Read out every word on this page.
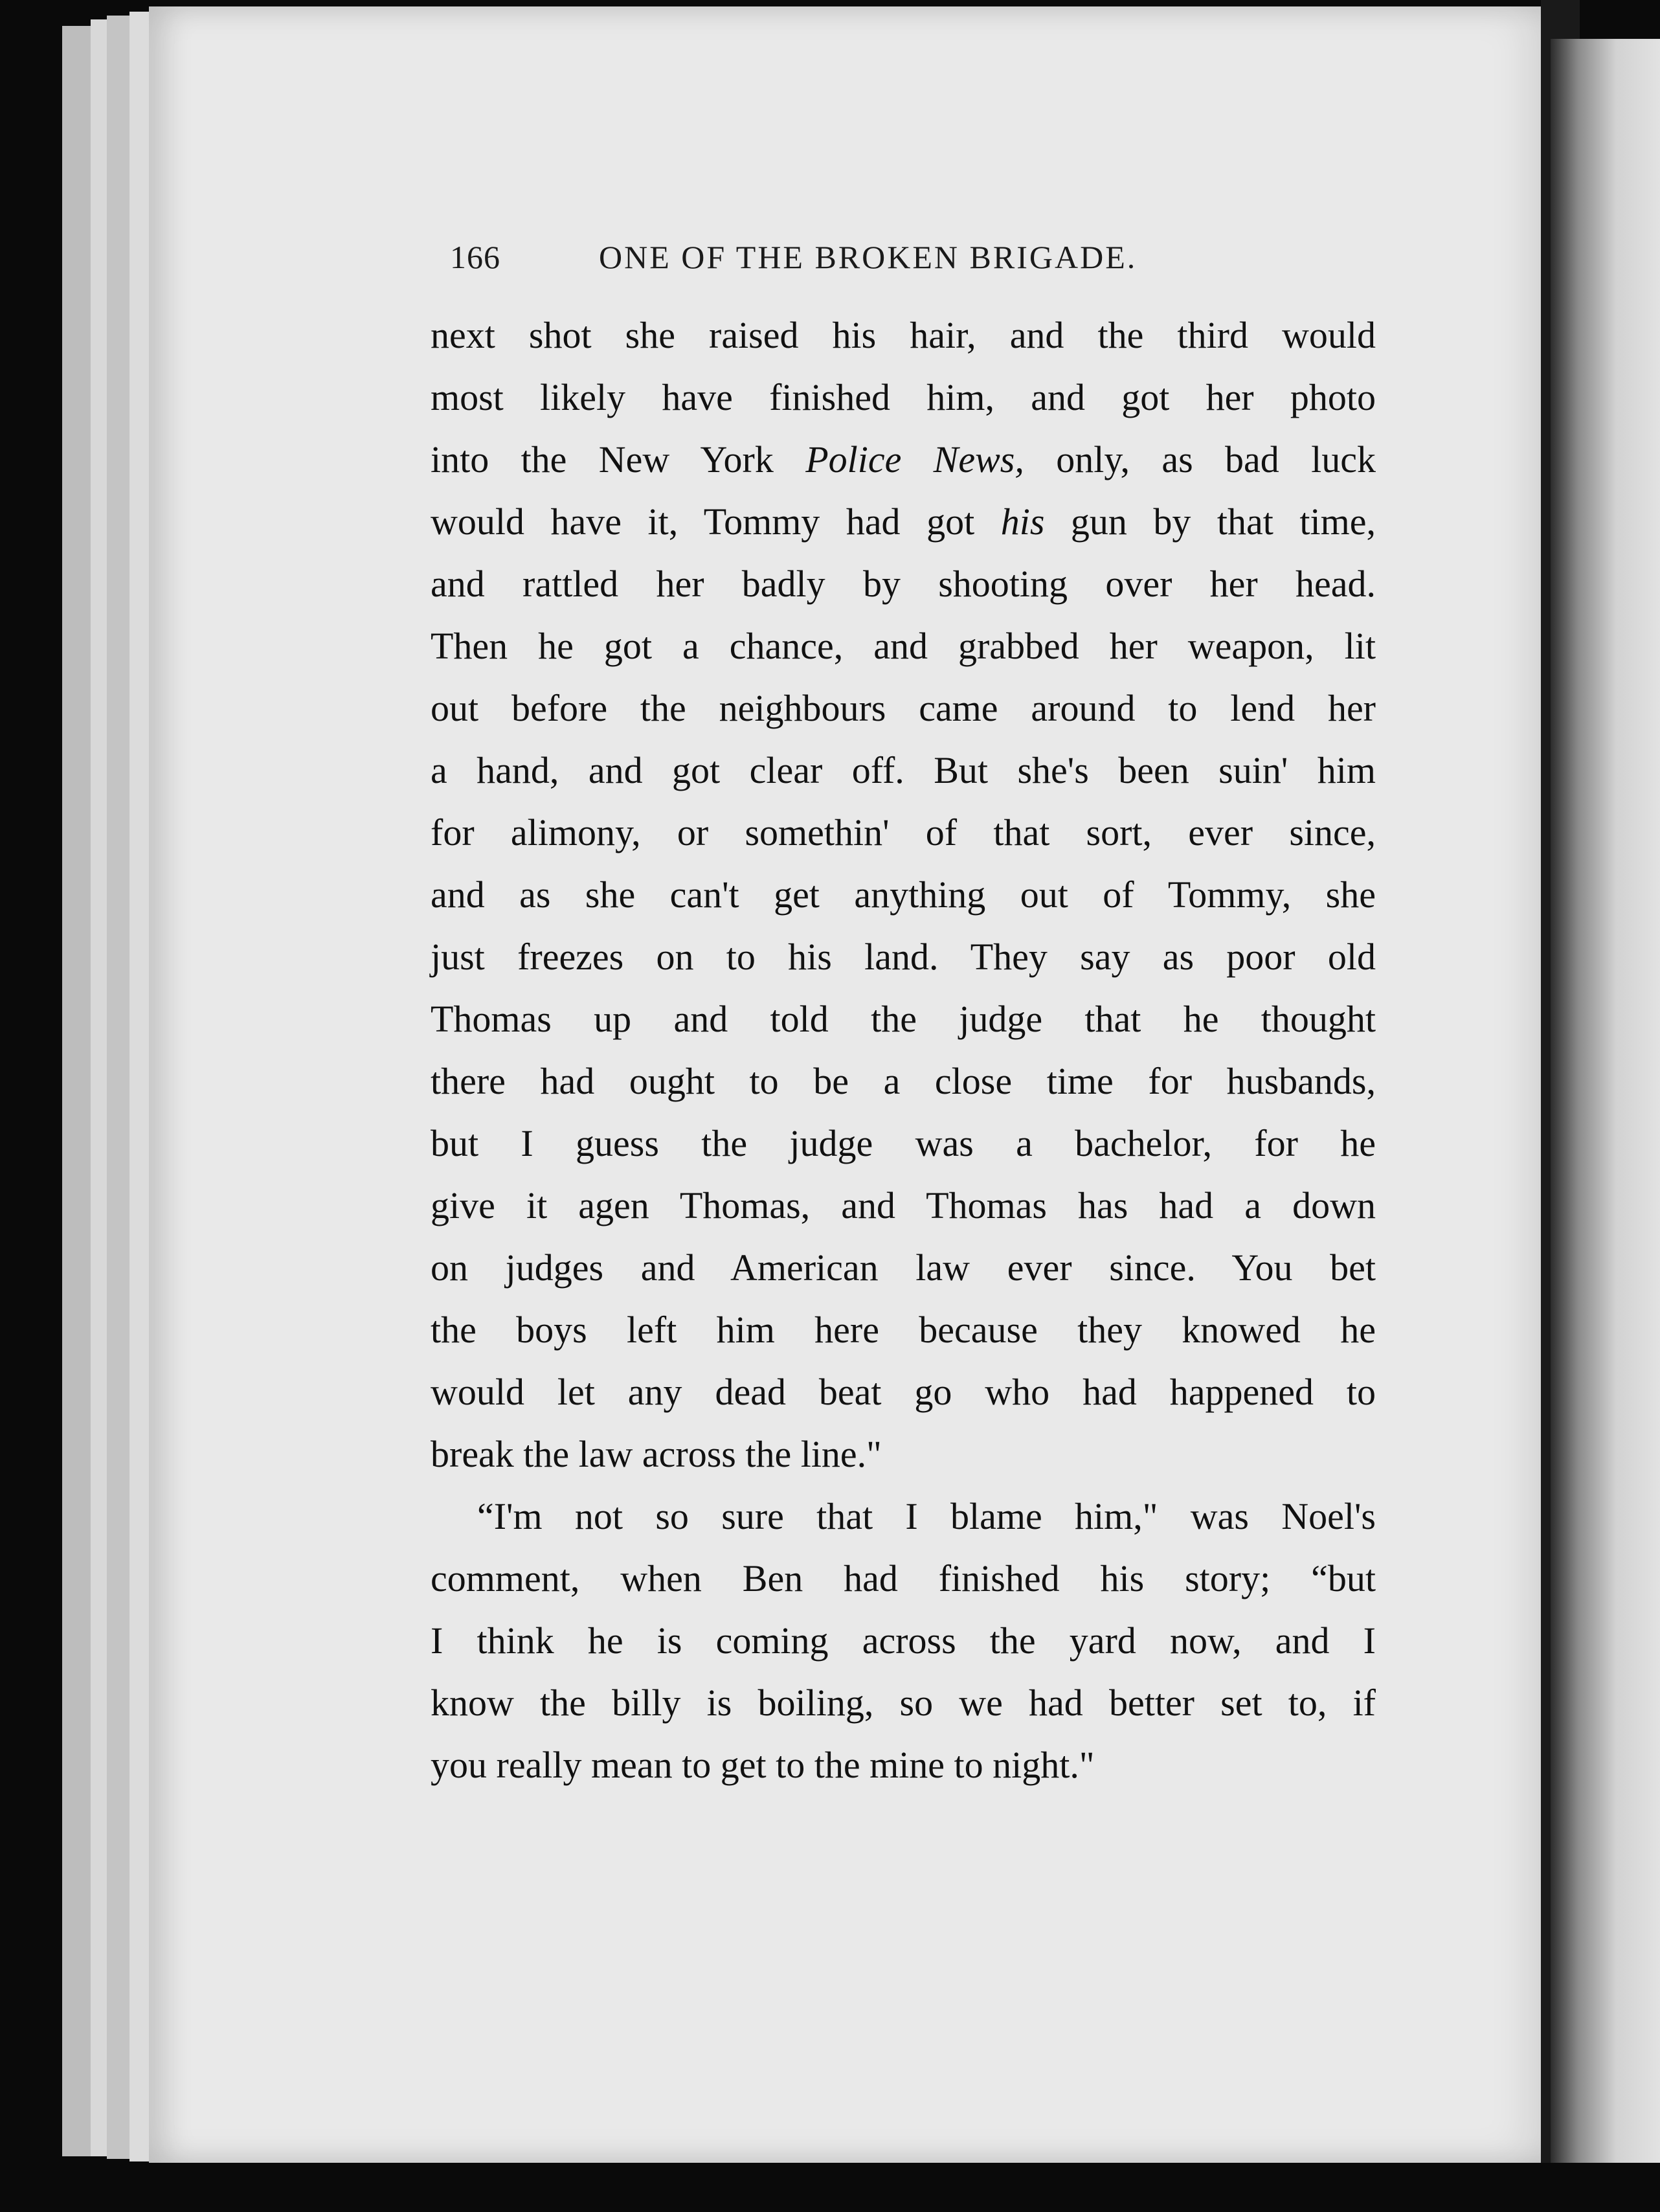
166	ONE OF THE BROKEN BRIGADE.
next shot she raised his hair, and the third would
most likely have finished him, and got her photo
into the New York Police News, only, as bad luck
would have it, Tommy had got his gun by that time,
and rattled her badly by shooting over her head.
Then he got a chance, and grabbed her weapon, lit
out before the neighbours came around to lend her
a hand, and got clear off. But she's been suin' him
for alimony, or somethin' of that sort, ever since,
and as she can't get anything out of Tommy, she
just freezes on to his land. They say as poor old
Thomas up and told the judge that he thought
there had ought to be a close time for husbands,
but I guess the judge was a bachelor, for he
give it agen Thomas, and Thomas has had a down
on judges and American law ever since. You bet
the boys left him here because they knowed he
would let any dead beat go who had happened to
break the law across the line."
“I'm not so sure that I blame him," was Noel's
comment, when Ben had finished his story; “but
I think he is coming across the yard now, and I
know the billy is boiling, so we had better set to, if
you really mean to get to the mine to night."
